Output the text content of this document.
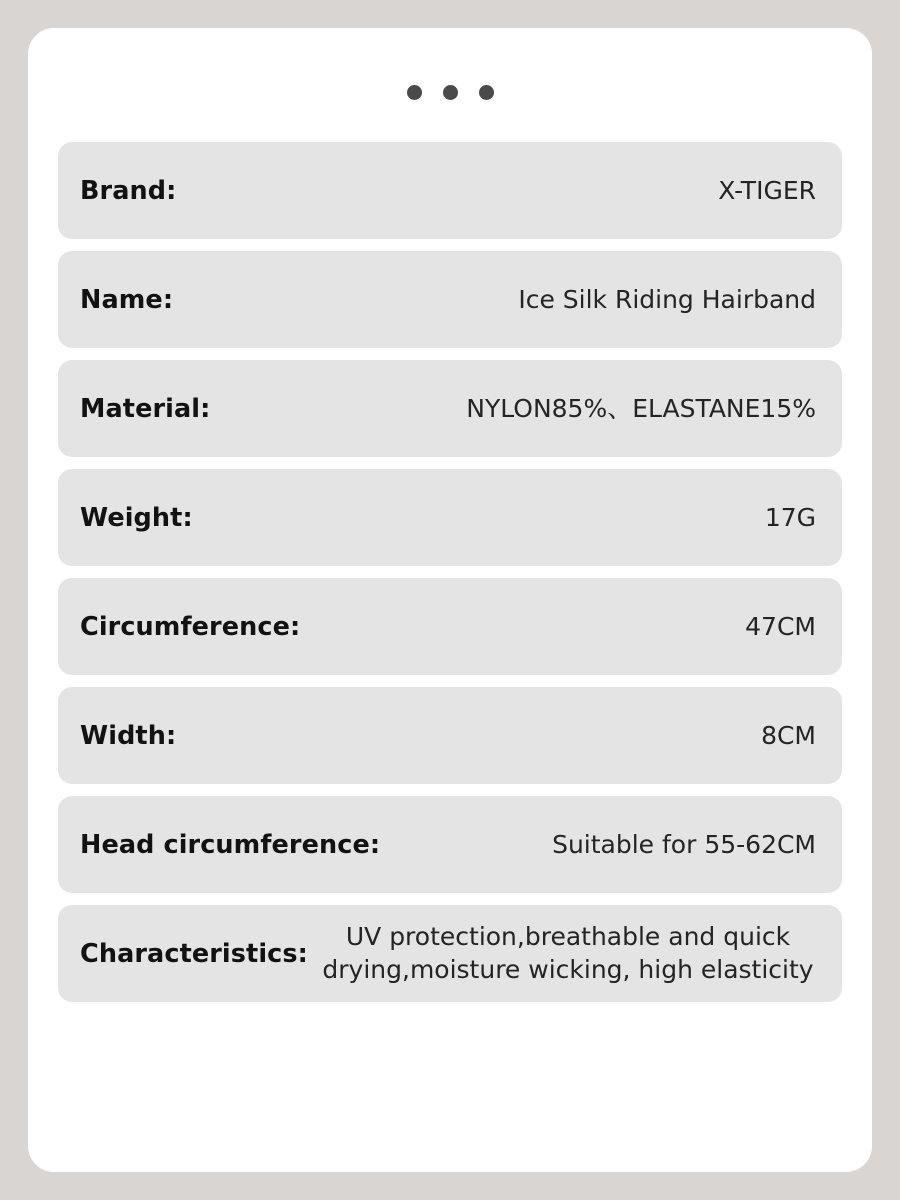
Brand:	X-TIGER
Name:	Ice Silk Riding Hairband
Material:	NYLON85%、ELASTANE15%
Weight:	17G
Circumference:	47CM
Width:	8CM
Head circumference:	Suitable for 55-62CM
Characteristics:
UV protection,breathable and quick drying,moisture wicking, high elasticity
